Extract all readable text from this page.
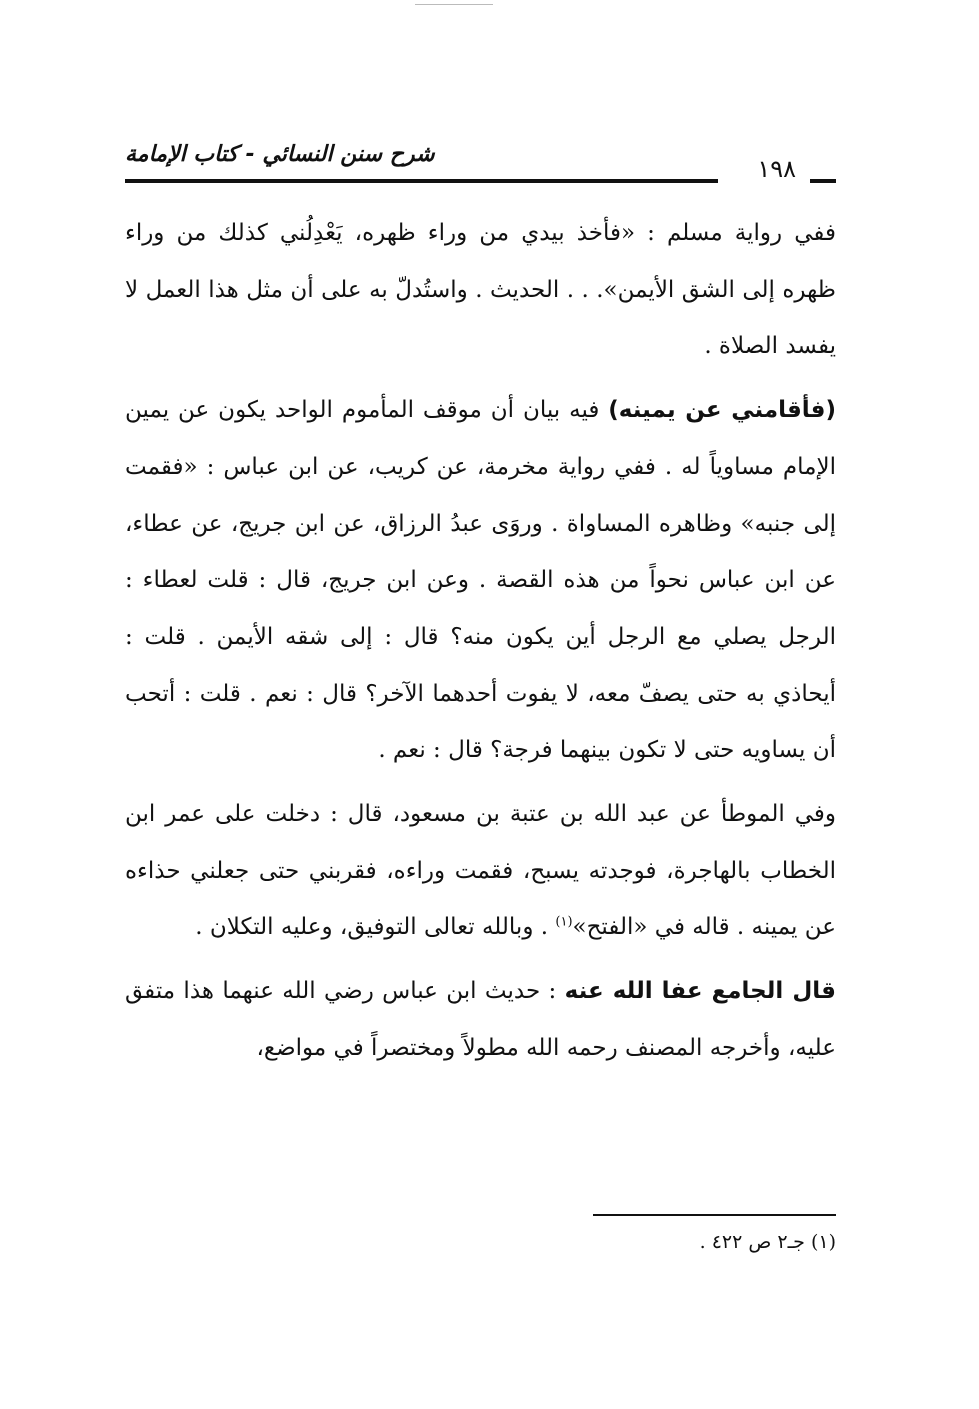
شرح سنن النسائي - كتاب الإمامة
١٩٨

ففي رواية مسلم : «فأخذ بيدي من وراء ظهره، يَعْدِلُني كذلك من وراء ظهره إلى الشق الأيمن». . . الحديث . واستُدلّ به على أن مثل هذا العمل لا يفسد الصلاة .

(فأقامني عن يمينه) فيه بيان أن موقف المأموم الواحد يكون عن يمين الإمام مساوياً له . ففي رواية مخرمة، عن كريب، عن ابن عباس : «فقمت إلى جنبه» وظاهره المساواة . وروَى عبدُ الرزاق، عن ابن جريج، عن عطاء، عن ابن عباس نحواً من هذه القصة . وعن ابن جريج، قال : قلت لعطاء : الرجل يصلي مع الرجل أين يكون منه؟ قال : إلى شقه الأيمن . قلت : أيحاذي به حتى يصفّ معه، لا يفوت أحدهما الآخر؟ قال : نعم . قلت : أتحب أن يساويه حتى لا تكون بينهما فرجة؟ قال : نعم .

وفي الموطأ عن عبد الله بن عتبة بن مسعود، قال : دخلت على عمر ابن الخطاب بالهاجرة، فوجدته يسبح، فقمت وراءه، فقربني حتى جعلني حذاءه عن يمينه . قاله في «الفتح»$^{(١)}$ . وبالله تعالى التوفيق، وعليه التكلان .

قال الجامع عفا الله عنه : حديث ابن عباس رضي الله عنهما هذا متفق عليه، وأخرجه المصنف رحمه الله مطولاً ومختصراً في مواضع،

(١) جـ٢ ص ٤٢٢ .
